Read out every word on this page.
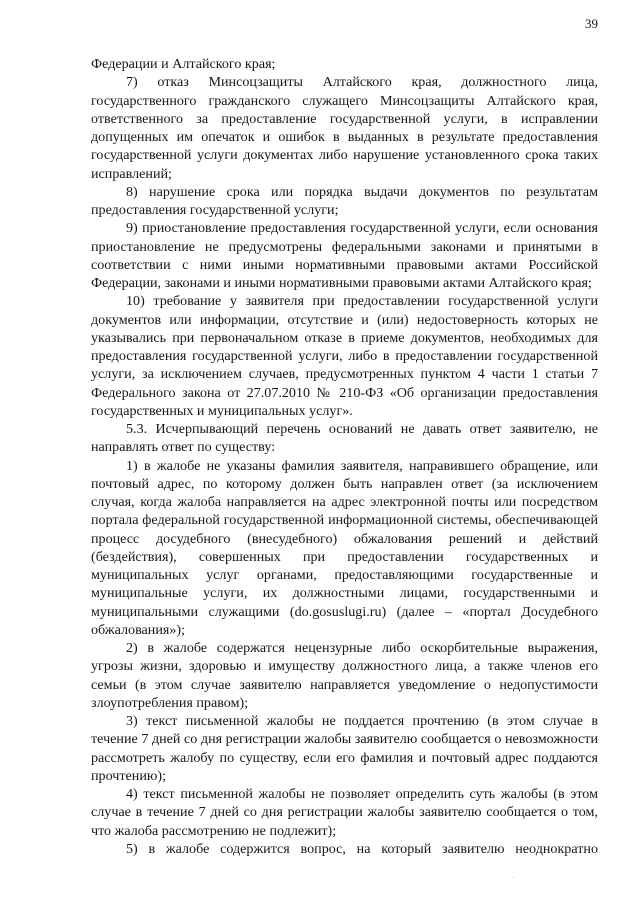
39

Федерации и Алтайского края;

7) отказ Минсоцзащиты Алтайского края, должностного лица, государственного гражданского служащего Минсоцзащиты Алтайского края, ответственного за предоставление государственной услуги, в исправлении допущенных им опечаток и ошибок в выданных в результате предоставления государственной услуги документах либо нарушение установленного срока таких исправлений;

8) нарушение срока или порядка выдачи документов по результатам предоставления государственной услуги;

9) приостановление предоставления государственной услуги, если основания приостановление не предусмотрены федеральными законами и принятыми в соответствии с ними иными нормативными правовыми актами Российской Федерации, законами и иными нормативными правовыми актами Алтайского края;

10) требование у заявителя при предоставлении государственной услуги документов или информации, отсутствие и (или) недостоверность которых не указывались при первоначальном отказе в приеме документов, необходимых для предоставления государственной услуги, либо в предоставлении государственной услуги, за исключением случаев, предусмотренных пунктом 4 части 1 статьи 7 Федерального закона от 27.07.2010 № 210-ФЗ «Об организации предоставления государственных и муниципальных услуг».

5.3. Исчерпывающий перечень оснований не давать ответ заявителю, не направлять ответ по существу:

1) в жалобе не указаны фамилия заявителя, направившего обращение, или почтовый адрес, по которому должен быть направлен ответ (за исключением случая, когда жалоба направляется на адрес электронной почты или посредством портала федеральной государственной информационной системы, обеспечивающей процесс досудебного (внесудебного) обжалования решений и действий (бездействия), совершенных при предоставлении государственных и муниципальных услуг органами, предоставляющими государственные и муниципальные услуги, их должностными лицами, государственными и муниципальными служащими (do.gosuslugi.ru) (далее – «портал Досудебного обжалования»);

2) в жалобе содержатся нецензурные либо оскорбительные выражения, угрозы жизни, здоровью и имуществу должностного лица, а также членов его семьи (в этом случае заявителю направляется уведомление о недопустимости злоупотребления правом);

3) текст письменной жалобы не поддается прочтению (в этом случае в течение 7 дней со дня регистрации жалобы заявителю сообщается о невозможности рассмотреть жалобу по существу, если его фамилия и почтовый адрес поддаются прочтению);

4) текст письменной жалобы не позволяет определить суть жалобы (в этом случае в течение 7 дней со дня регистрации жалобы заявителю сообщается о том, что жалоба рассмотрению не подлежит);

5) в жалобе содержится вопрос, на который заявителю неоднократно
